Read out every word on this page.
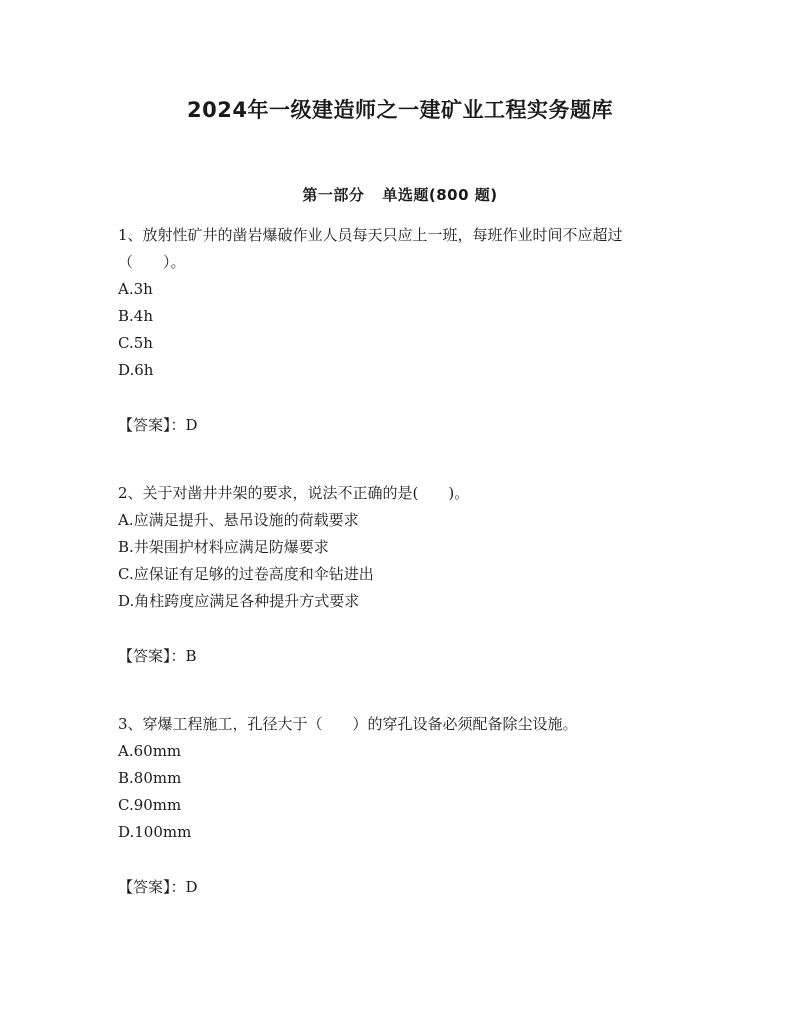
2024年一级建造师之一建矿业工程实务题库
第一部分 单选题(800 题)
1、放射性矿井的凿岩爆破作业人员每天只应上一班，每班作业时间不应超过（　　）。
A.3h
B.4h
C.5h
D.6h
【答案】：D
2、关于对凿井井架的要求，说法不正确的是(　　)。
A.应满足提升、悬吊设施的荷载要求
B.井架围护材料应满足防爆要求
C.应保证有足够的过卷高度和伞钻进出
D.角柱跨度应满足各种提升方式要求
【答案】：B
3、穿爆工程施工，孔径大于（　　）的穿孔设备必须配备除尘设施。
A.60mm
B.80mm
C.90mm
D.100mm
【答案】：D
